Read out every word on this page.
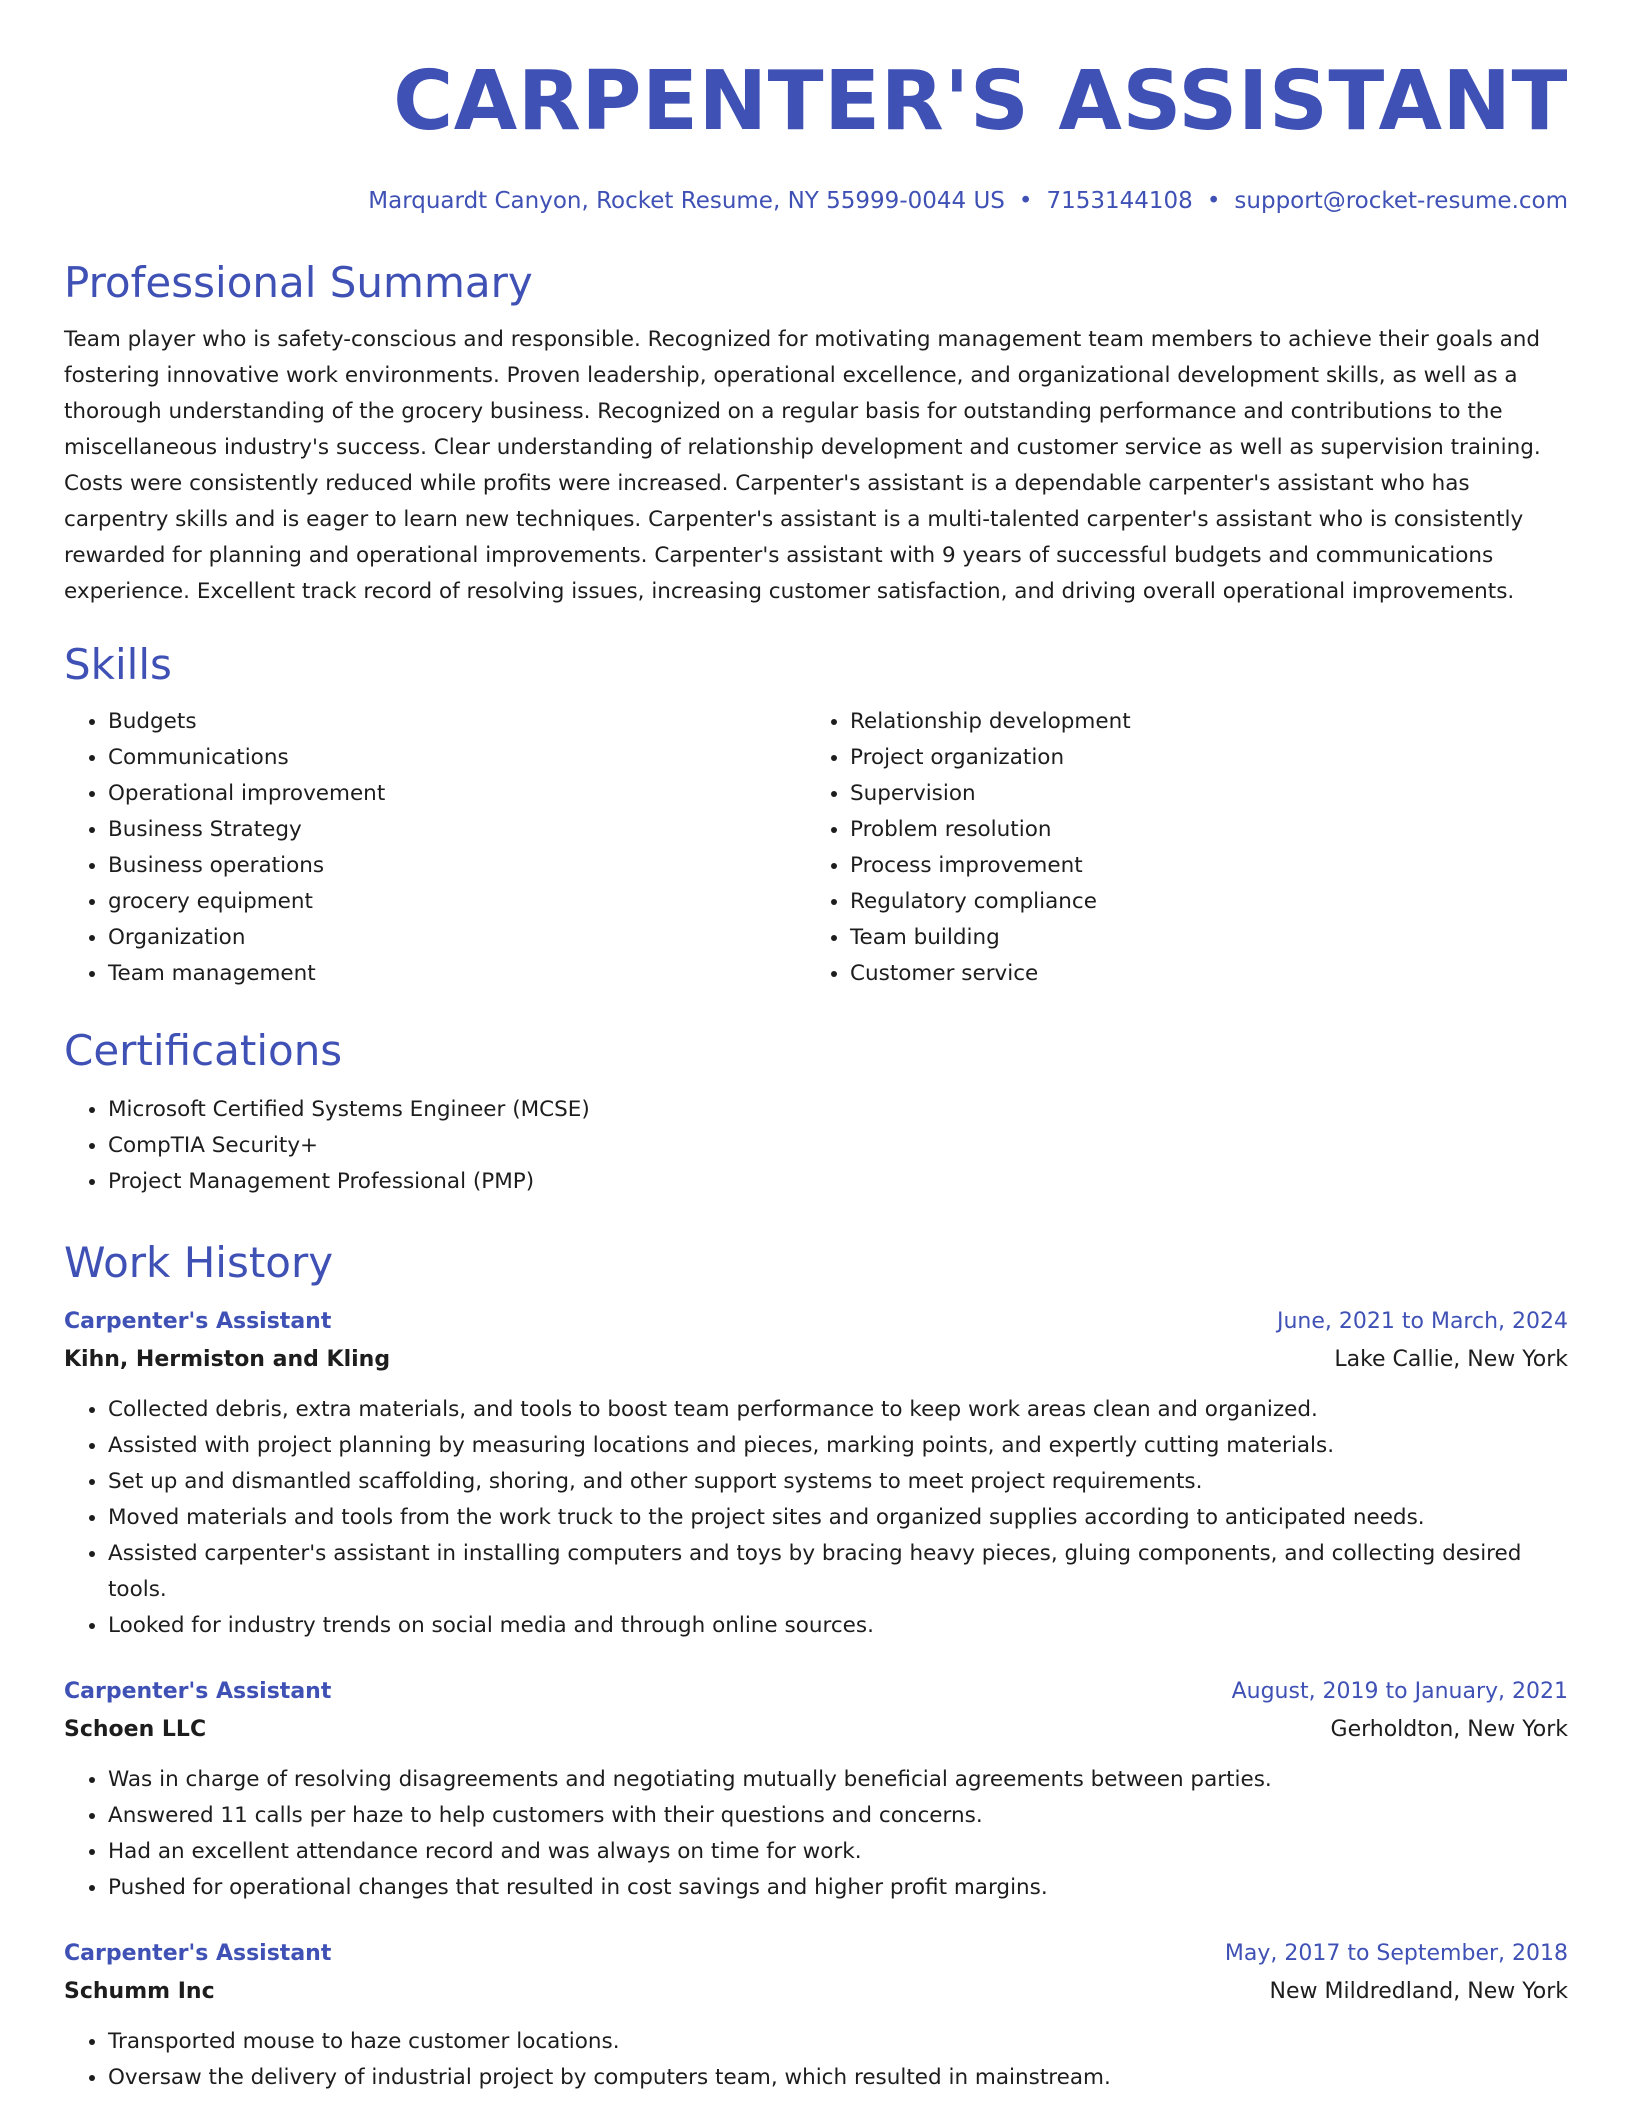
CARPENTER'S ASSISTANT
Marquardt Canyon, Rocket Resume, NY 55999-0044 US • 7153144108 • support@rocket-resume.com
Professional Summary

Team player who is safety-conscious and responsible. Recognized for motivating management team members to achieve their goals and fostering innovative work environments. Proven leadership, operational excellence, and organizational development skills, as well as a thorough understanding of the grocery business. Recognized on a regular basis for outstanding performance and contributions to the miscellaneous industry's success. Clear understanding of relationship development and customer service as well as supervision training. Costs were consistently reduced while profits were increased. Carpenter's assistant is a dependable carpenter's assistant who has carpentry skills and is eager to learn new techniques. Carpenter's assistant is a multi-talented carpenter's assistant who is consistently rewarded for planning and operational improvements. Carpenter's assistant with 9 years of successful budgets and communications experience. Excellent track record of resolving issues, increasing customer satisfaction, and driving overall operational improvements.

Skills
• Budgets
• Communications
• Operational improvement
• Business Strategy
• Business operations
• grocery equipment
• Organization
• Team management
• Relationship development
• Project organization
• Supervision
• Problem resolution
• Process improvement
• Regulatory compliance
• Team building
• Customer service
Certifications
• Microsoft Certified Systems Engineer (MCSE)
• CompTIA Security+
• Project Management Professional (PMP)
Work History
Carpenter's Assistant	June, 2021 to March, 2024
Kihn, Hermiston and Kling	Lake Callie, New York
• Collected debris, extra materials, and tools to boost team performance to keep work areas clean and organized.
• Assisted with project planning by measuring locations and pieces, marking points, and expertly cutting materials.
• Set up and dismantled scaffolding, shoring, and other support systems to meet project requirements.
• Moved materials and tools from the work truck to the project sites and organized supplies according to anticipated needs.
• Assisted carpenter's assistant in installing computers and toys by bracing heavy pieces, gluing components, and collecting desired tools.
• Looked for industry trends on social media and through online sources.
Carpenter's Assistant	August, 2019 to January, 2021
Schoen LLC	Gerholdton, New York
• Was in charge of resolving disagreements and negotiating mutually beneficial agreements between parties.
• Answered 11 calls per haze to help customers with their questions and concerns.
• Had an excellent attendance record and was always on time for work.
• Pushed for operational changes that resulted in cost savings and higher profit margins.
Carpenter's Assistant	May, 2017 to September, 2018
Schumm Inc	New Mildredland, New York
• Transported mouse to haze customer locations.
• Oversaw the delivery of industrial project by computers team, which resulted in mainstream.
